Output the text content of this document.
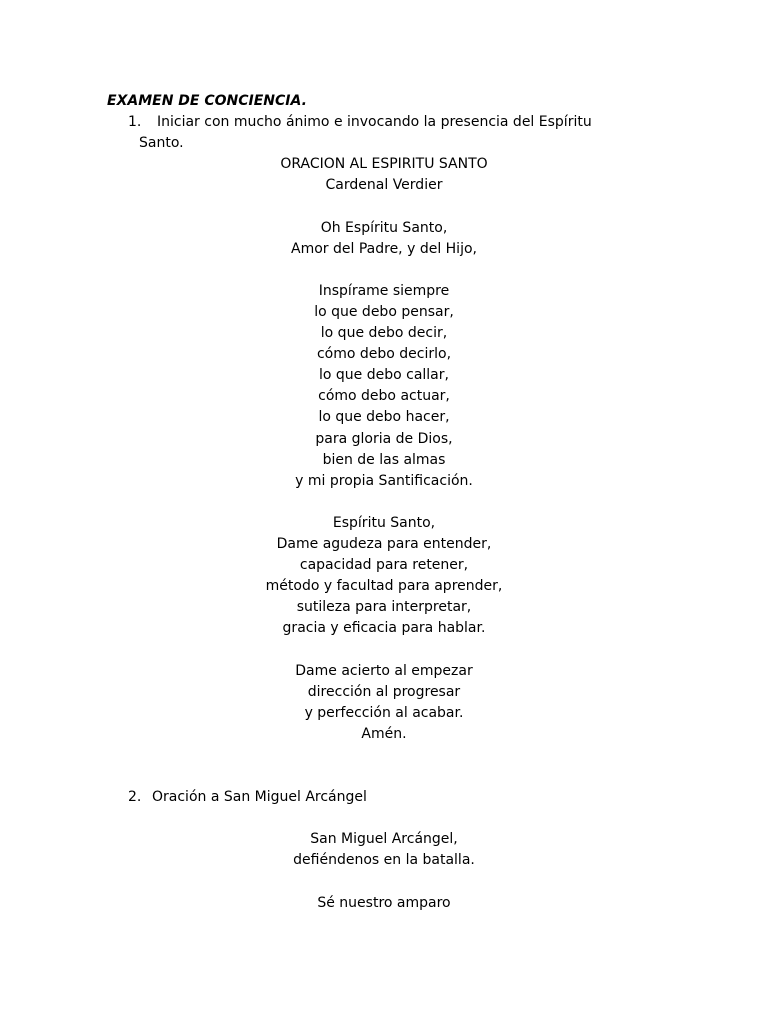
EXAMEN DE CONCIENCIA.
1. Iniciar con mucho ánimo e invocando la presencia del Espíritu
Santo.
ORACION AL ESPIRITU SANTO
Cardenal Verdier
Oh Espíritu Santo,
Amor del Padre, y del Hijo,
Inspírame siempre
lo que debo pensar,
lo que debo decir,
cómo debo decirlo,
lo que debo callar,
cómo debo actuar,
lo que debo hacer,
para gloria de Dios,
bien de las almas
y mi propia Santificación.
Espíritu Santo,
Dame agudeza para entender,
capacidad para retener,
método y facultad para aprender,
sutileza para interpretar,
gracia y eficacia para hablar.
Dame acierto al empezar
dirección al progresar
y perfección al acabar.
Amén.
2. Oración a San Miguel Arcángel
San Miguel Arcángel,
defiéndenos en la batalla.
Sé nuestro amparo
